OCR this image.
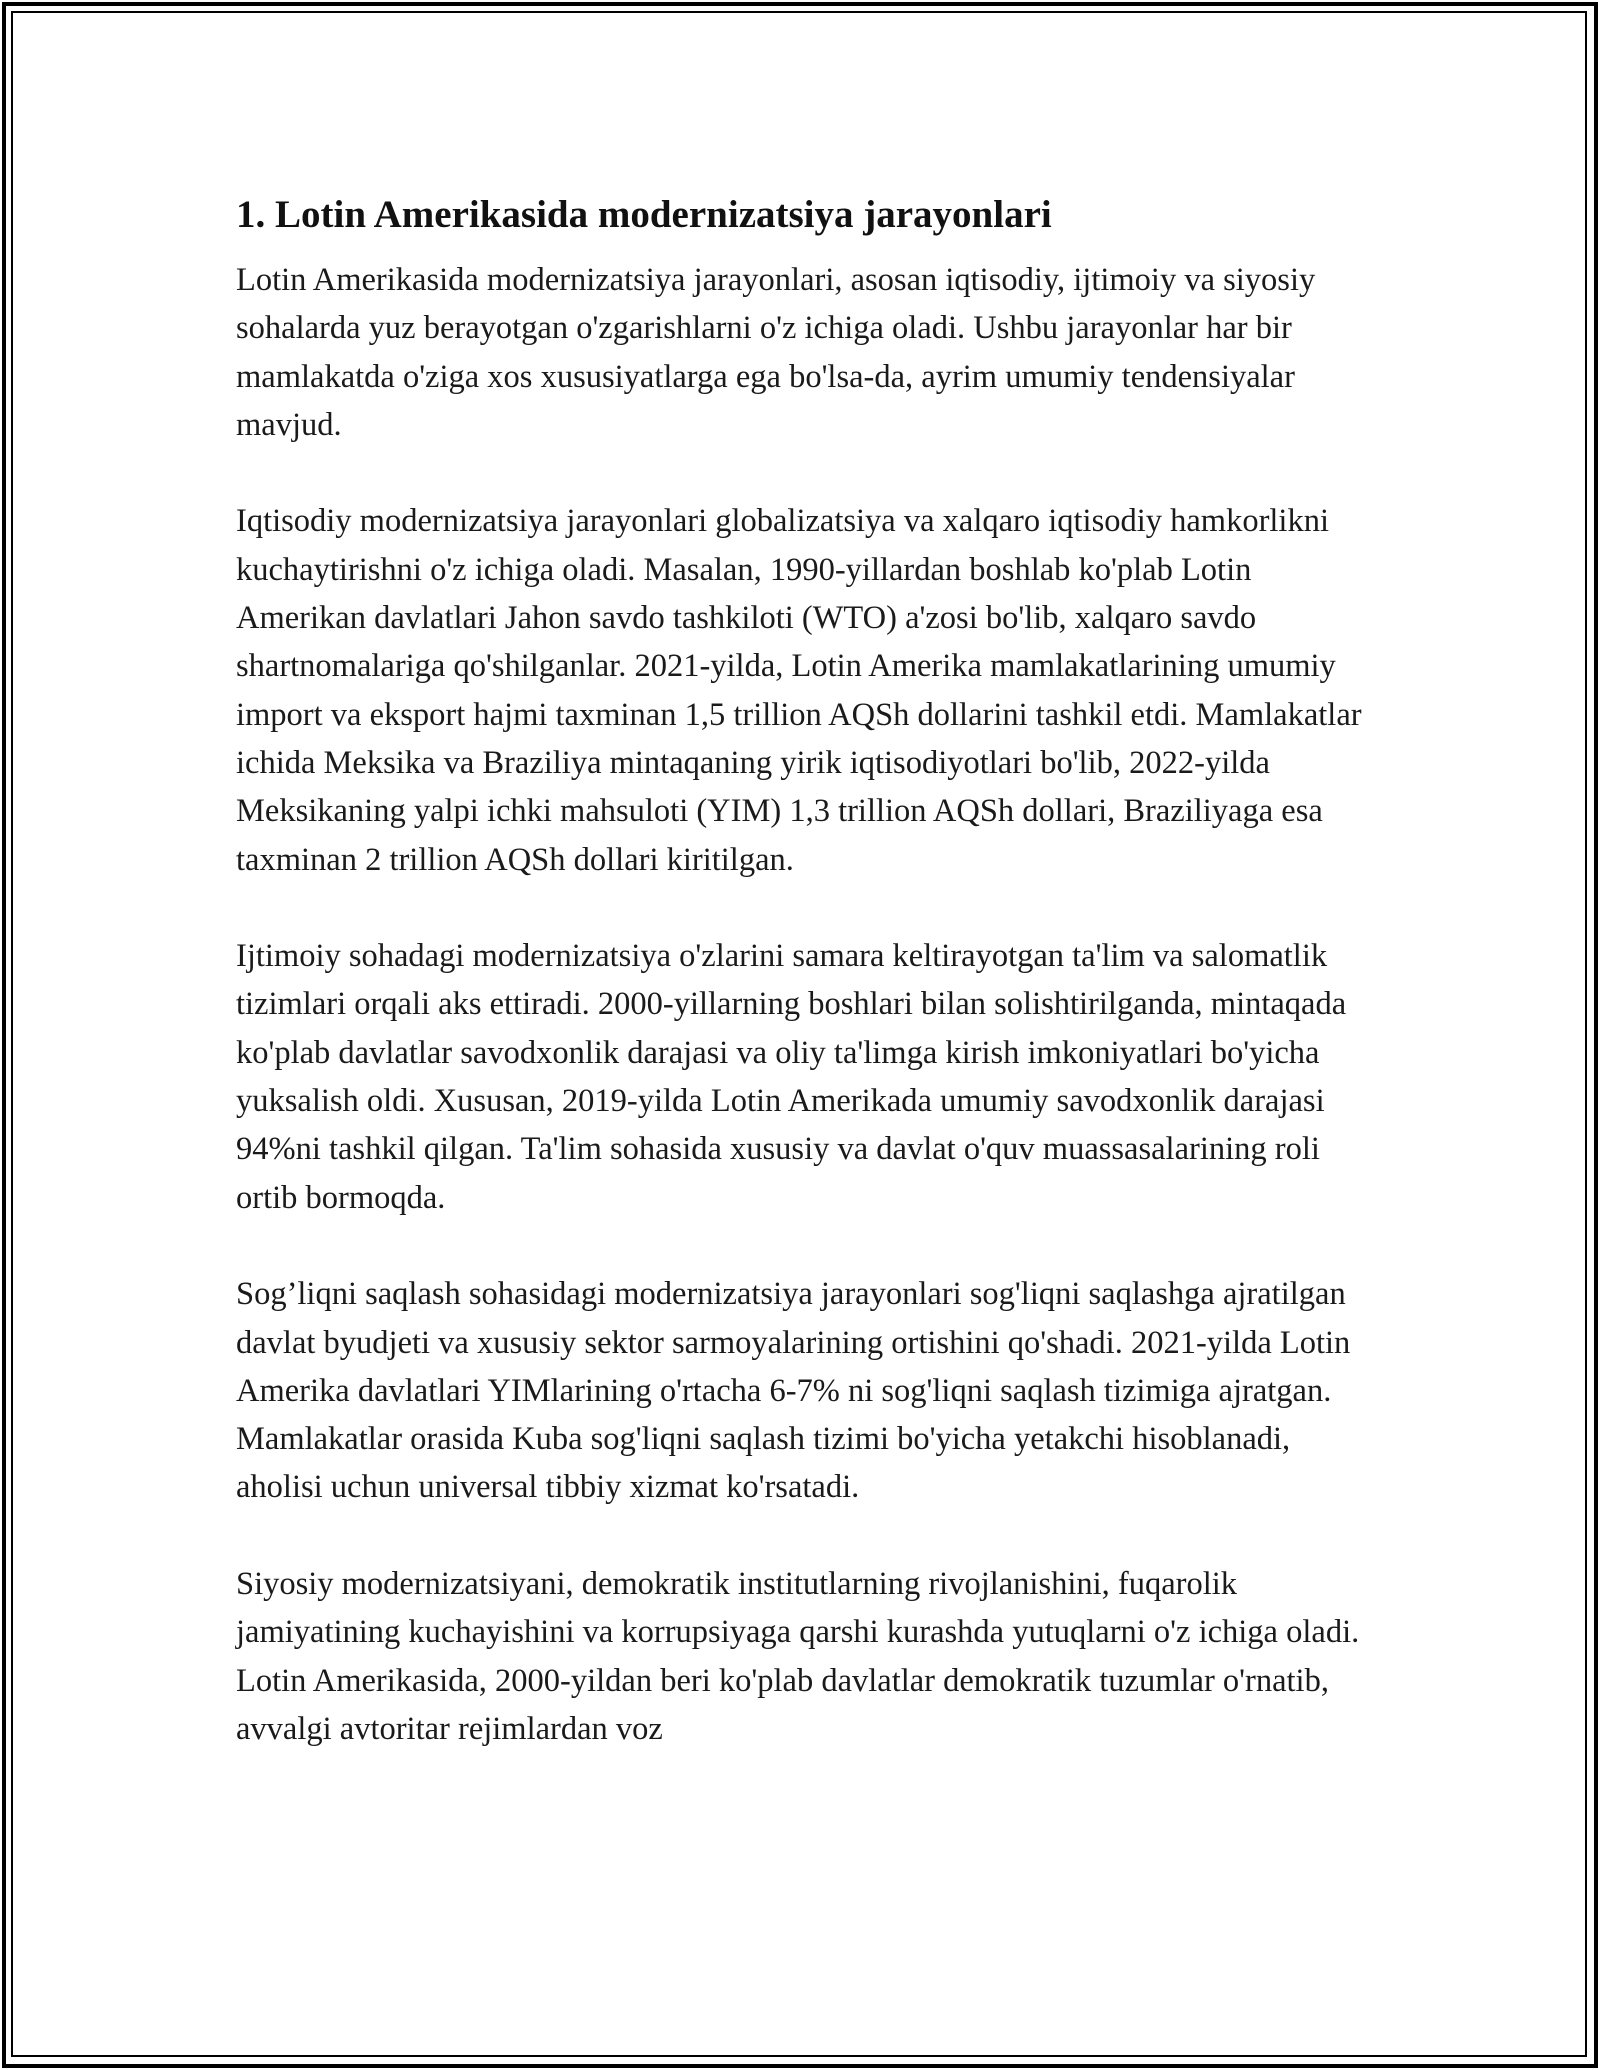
1. Lotin Amerikasida modernizatsiya jarayonlari

Lotin Amerikasida modernizatsiya jarayonlari, asosan iqtisodiy, ijtimoiy va siyosiy sohalarda yuz berayotgan o'zgarishlarni o'z ichiga oladi. Ushbu jarayonlar har bir mamlakatda o'ziga xos xususiyatlarga ega bo'lsa-da, ayrim umumiy tendensiyalar mavjud.

Iqtisodiy modernizatsiya jarayonlari globalizatsiya va xalqaro iqtisodiy hamkorlikni kuchaytirishni o'z ichiga oladi. Masalan, 1990-yillardan boshlab ko'plab Lotin Amerikan davlatlari Jahon savdo tashkiloti (WTO) a'zosi bo'lib, xalqaro savdo shartnomalariga qo'shilganlar. 2021-yilda, Lotin Amerika mamlakatlarining umumiy import va eksport hajmi taxminan 1,5 trillion AQSh dollarini tashkil etdi. Mamlakatlar ichida Meksika va Braziliya mintaqaning yirik iqtisodiyotlari bo'lib, 2022-yilda Meksikaning yalpi ichki mahsuloti (YIM) 1,3 trillion AQSh dollari, Braziliyaga esa taxminan 2 trillion AQSh dollari kiritilgan.

Ijtimoiy sohadagi modernizatsiya o'zlarini samara keltirayotgan ta'lim va salomatlik tizimlari orqali aks ettiradi. 2000-yillarning boshlari bilan solishtirilganda, mintaqada ko'plab davlatlar savodxonlik darajasi va oliy ta'limga kirish imkoniyatlari bo'yicha yuksalish oldi. Xususan, 2019-yilda Lotin Amerikada umumiy savodxonlik darajasi 94%ni tashkil qilgan. Ta'lim sohasida xususiy va davlat o'quv muassasalarining roli ortib bormoqda.

Sog’liqni saqlash sohasidagi modernizatsiya jarayonlari sog'liqni saqlashga ajratilgan davlat byudjeti va xususiy sektor sarmoyalarining ortishini qo'shadi. 2021-yilda Lotin Amerika davlatlari YIMlarining o'rtacha 6-7% ni sog'liqni saqlash tizimiga ajratgan. Mamlakatlar orasida Kuba sog'liqni saqlash tizimi bo'yicha yetakchi hisoblanadi, aholisi uchun universal tibbiy xizmat ko'rsatadi.

Siyosiy modernizatsiyani, demokratik institutlarning rivojlanishini, fuqarolik jamiyatining kuchayishini va korrupsiyaga qarshi kurashda yutuqlarni o'z ichiga oladi. Lotin Amerikasida, 2000-yildan beri ko'plab davlatlar demokratik tuzumlar o'rnatib, avvalgi avtoritar rejimlardan voz
